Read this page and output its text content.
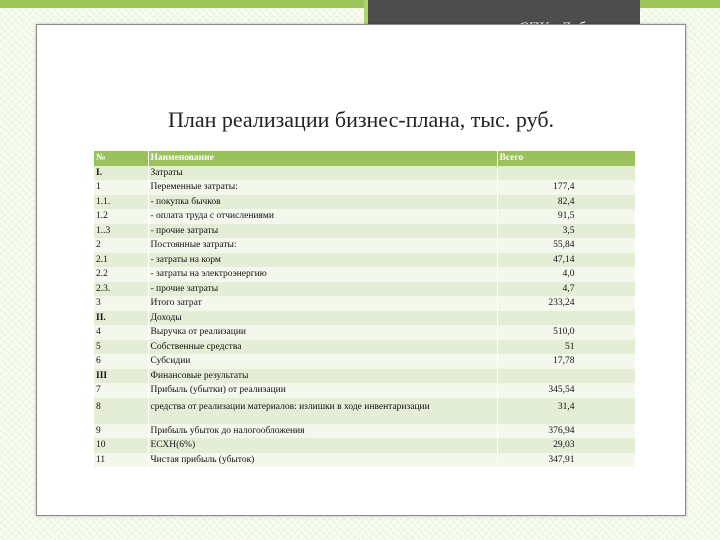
План реализации бизнес-плана, тыс. руб.
№	Наименование	Всего
I.	Затраты	
1	Переменные затраты:	177,4
1.1.	- покупка бычков	82,4
1.2	- оплата труда с отчислениями	91,5
1..3	- прочие затраты	3,5
2	Постоянные затраты:	55,84
2.1	- затраты на корм	47,14
2.2	- затраты на электроэнергию	4,0
2.3.	- прочие затраты	4,7
3	Итого затрат	233,24
II.	Доходы	
4	Выручка от реализации	510,0
5	Собственные средства	51
6	Субсидии	17,78
III	Финансовые результаты	
7	Прибыль (убытки) от реализации	345,54
8	средства от реализации материалов: излишки в ходе инвентаризации	31,4
9	Прибыль убыток до налогообложения	376,94
10	ЕСХН(6%)	29,03
11	Чистая прибыль (убыток)	347,91
